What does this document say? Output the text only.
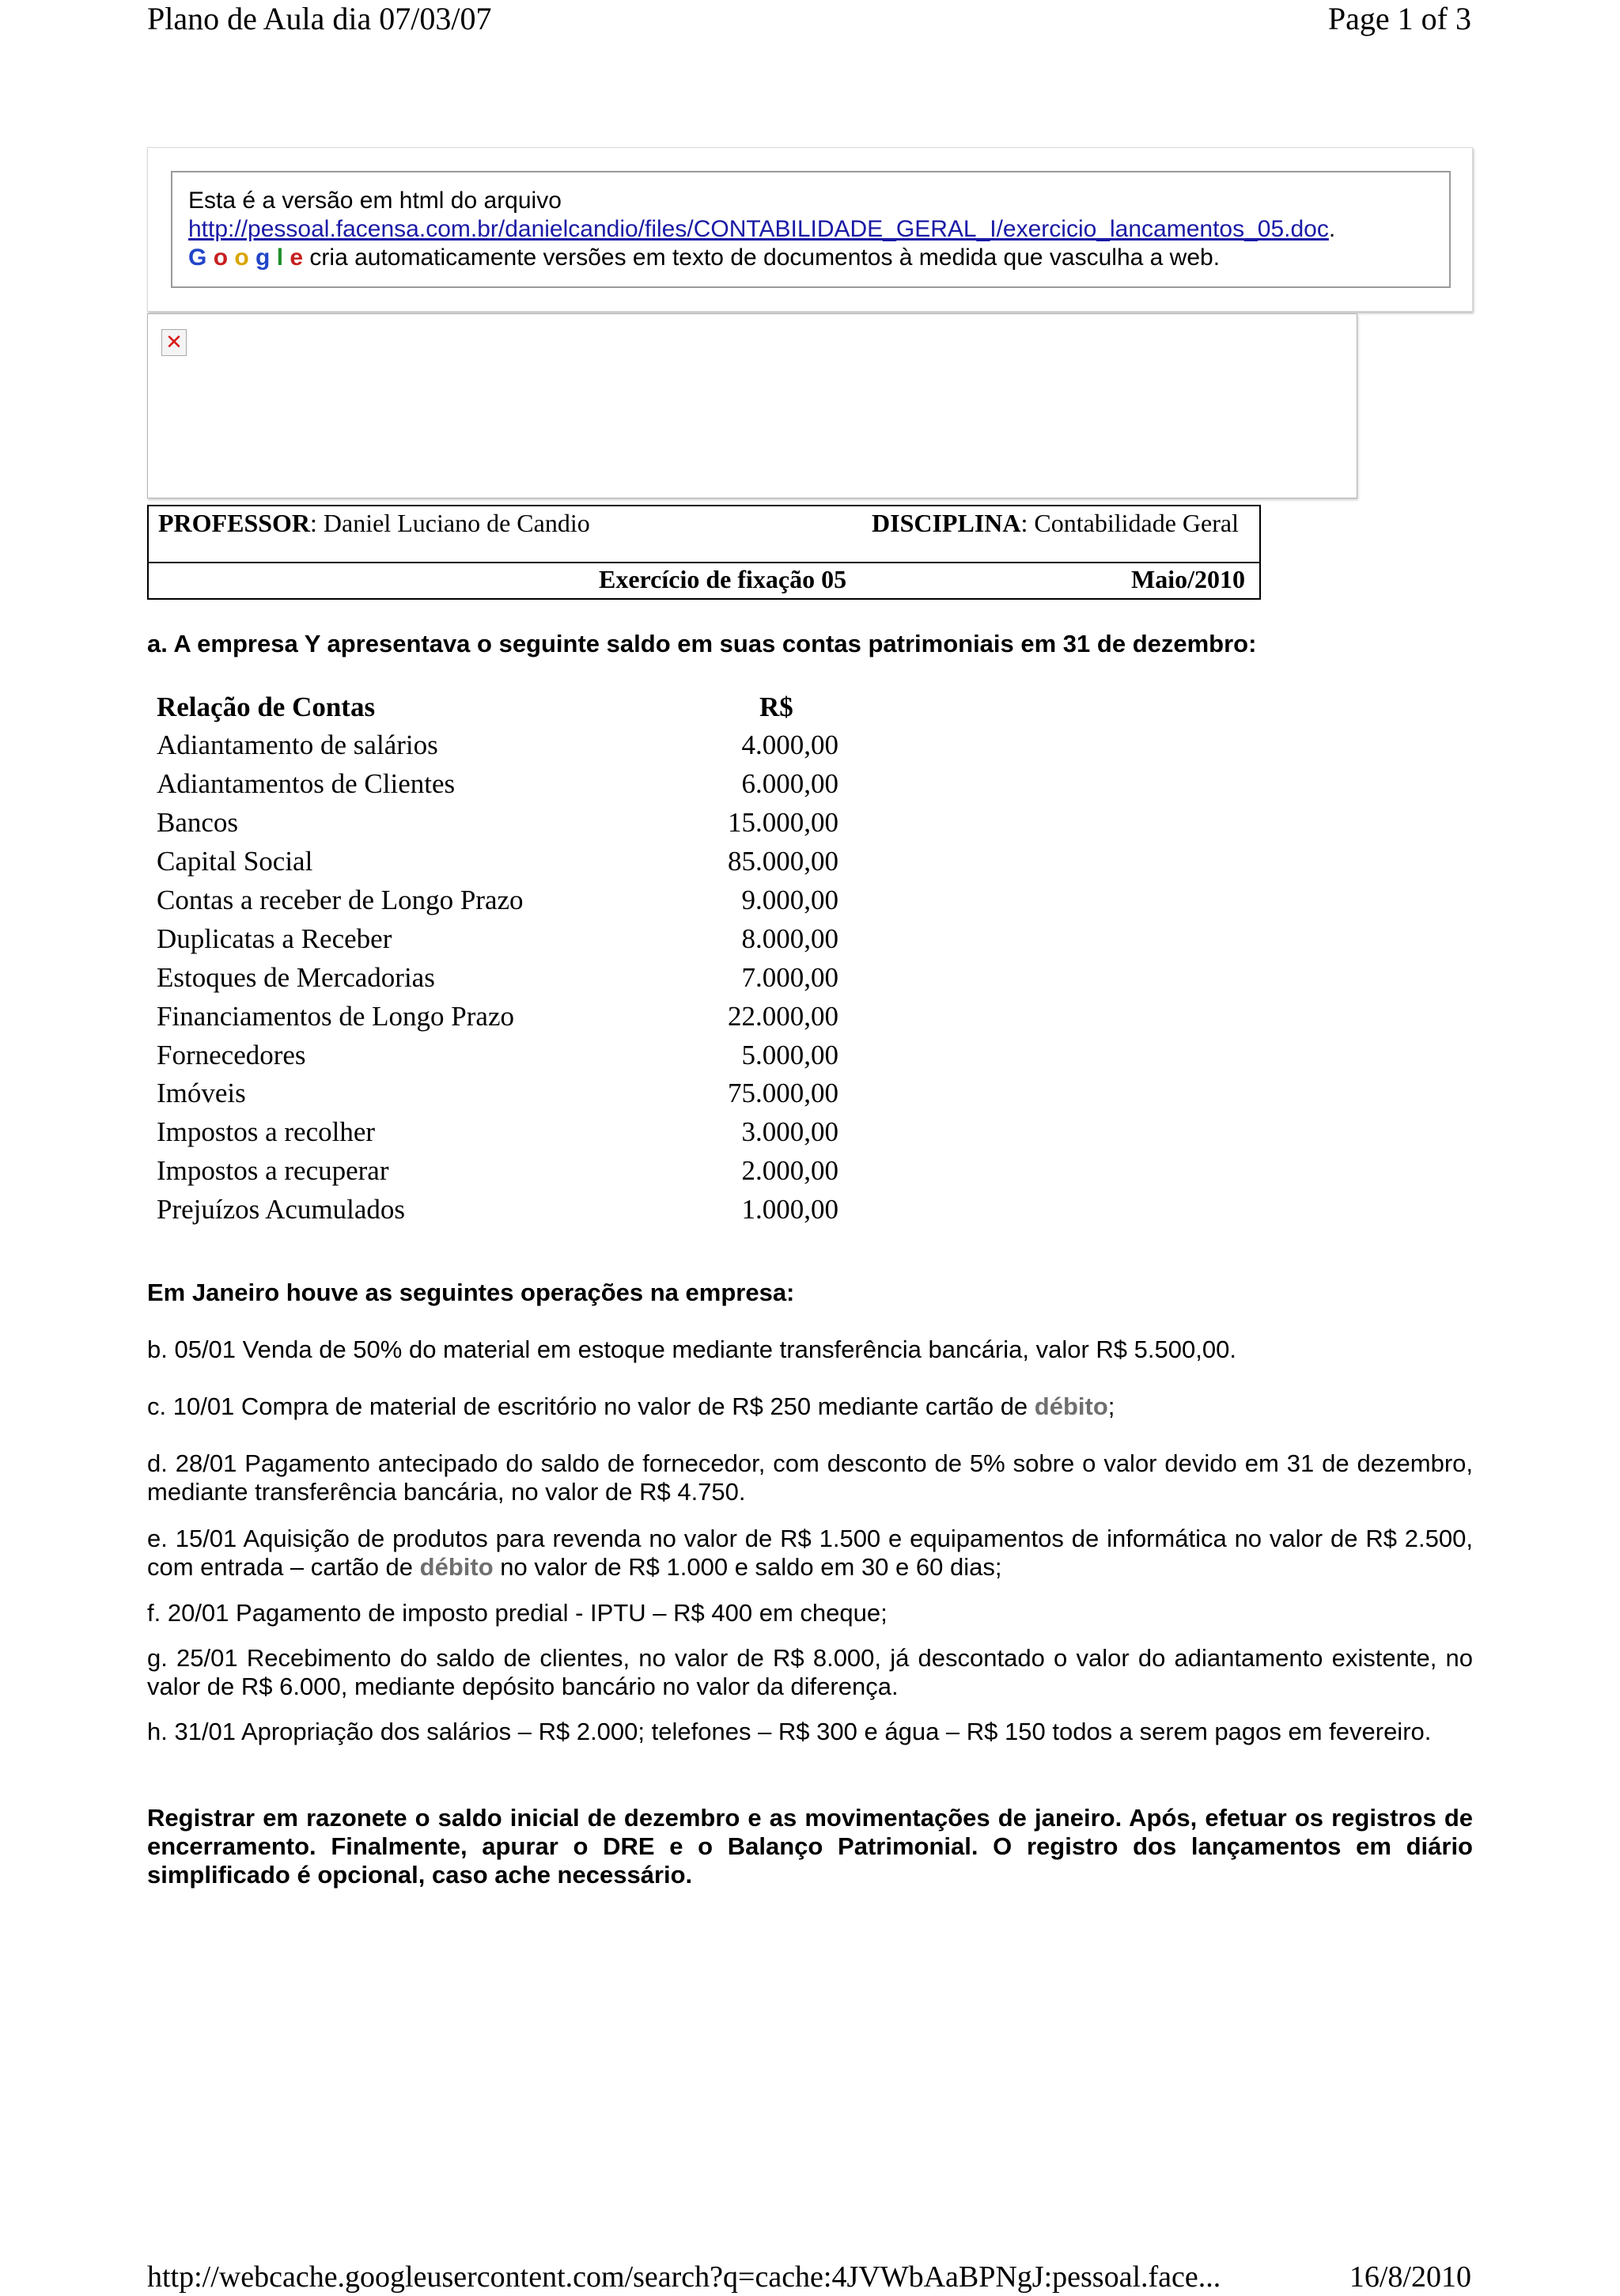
Plano de Aula dia 07/03/07	Page 1 of 3
Esta é a versão em html do arquivo
http://pessoal.facensa.com.br/danielcandio/files/CONTABILIDADE_GERAL_I/exercicio_lancamentos_05.doc.
G o o g l e cria automaticamente versões em texto de documentos à medida que vasculha a web.
✕
PROFESSOR: Daniel Luciano de Candio	DISCIPLINA: Contabilidade Geral
Exercício de fixação 05	Maio/2010
a. A empresa Y apresentava o seguinte saldo em suas contas patrimoniais em 31 de dezembro:
Relação de Contas	R$
Adiantamento de salários	4.000,00
Adiantamentos de Clientes	6.000,00
Bancos	15.000,00
Capital Social	85.000,00
Contas a receber de Longo Prazo	9.000,00
Duplicatas a Receber	8.000,00
Estoques de Mercadorias	7.000,00
Financiamentos de Longo Prazo	22.000,00
Fornecedores	5.000,00
Imóveis	75.000,00
Impostos a recolher	3.000,00
Impostos a recuperar	2.000,00
Prejuízos Acumulados	1.000,00
Em Janeiro houve as seguintes operações na empresa:
b. 05/01 Venda de 50% do material em estoque mediante transferência bancária, valor R$ 5.500,00.
c. 10/01 Compra de material de escritório no valor de R$ 250 mediante cartão de débito;
d. 28/01 Pagamento antecipado do saldo de fornecedor, com desconto de 5% sobre o valor devido em 31 de dezembro, mediante transferência bancária, no valor de R$ 4.750.
e. 15/01 Aquisição de produtos para revenda no valor de R$ 1.500 e equipamentos de informática no valor de R$ 2.500, com entrada – cartão de débito no valor de R$ 1.000 e saldo em 30 e 60 dias;
f. 20/01 Pagamento de imposto predial - IPTU – R$ 400 em cheque;
g. 25/01 Recebimento do saldo de clientes, no valor de R$ 8.000, já descontado o valor do adiantamento existente, no valor de R$ 6.000, mediante depósito bancário no valor da diferença.
h. 31/01 Apropriação dos salários – R$ 2.000; telefones – R$ 300 e água – R$ 150 todos a serem pagos em fevereiro.
Registrar em razonete o saldo inicial de dezembro e as movimentações de janeiro. Após, efetuar os registros de encerramento. Finalmente, apurar o DRE e o Balanço Patrimonial. O registro dos lançamentos em diário simplificado é opcional, caso ache necessário.
http://webcache.googleusercontent.com/search?q=cache:4JVWbAaBPNgJ:pessoal.face...	16/8/2010
